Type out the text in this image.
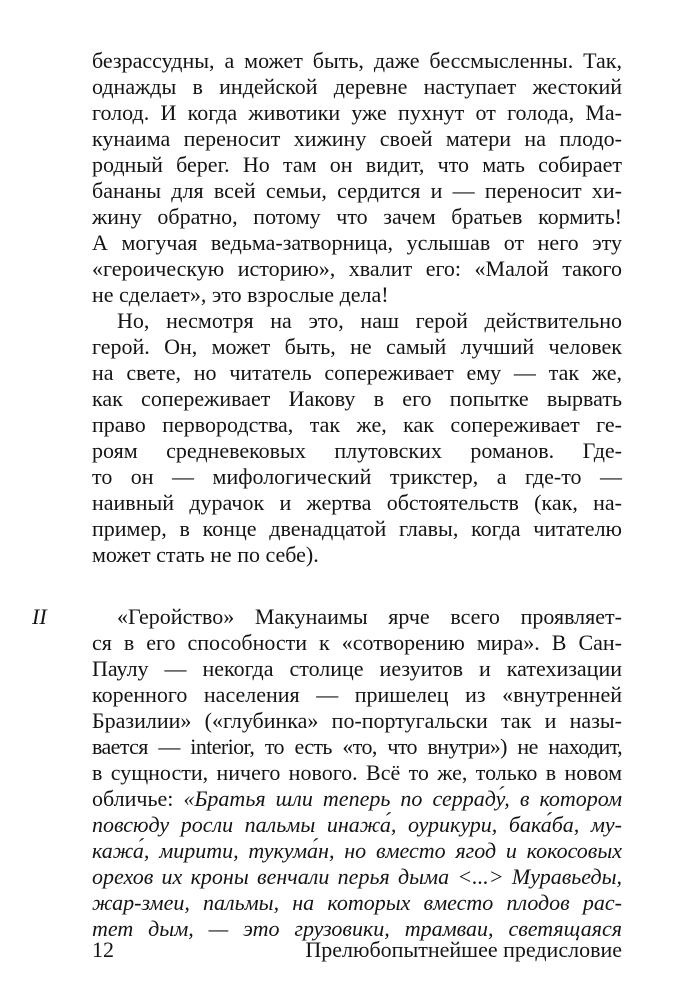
безрассудны, а может быть, даже бессмысленны. Так,
однажды в индейской деревне наступает жестокий
голод. И когда животики уже пухнут от голода, Ма-
кунаима переносит хижину своей матери на плодо-
родный берег. Но там он видит, что мать собирает
бананы для всей семьи, сердится и — переносит хи-
жину обратно, потому что зачем братьев кормить!
А могучая ведьма-затворница, услышав от него эту
«героическую историю», хвалит его: «Малой такого
не сделает», это взрослые дела!
Но, несмотря на это, наш герой действительно
герой. Он, может быть, не самый лучший человек
на свете, но читатель сопереживает ему — так же,
как сопереживает Иакову в его попытке вырвать
право первородства, так же, как сопереживает ге-
роям средневековых плутовских романов. Где-
то он — мифологический трикстер, а где-то —
наивный дурачок и жертва обстоятельств (как, на-
пример, в конце двенадцатой главы, когда читателю
может стать не по себе).
II	«Геройство» Макунаимы ярче всего проявляет-
ся в его способности к «сотворению мира». В Сан-
Паулу — некогда столице иезуитов и катехизации
коренного населения — пришелец из «внутренней
Бразилии» («глубинка» по-португальски так и назы-
вается — interior, то есть «то, что внутри») не находит,
в сущности, ничего нового. Всё то же, только в новом
обличье: «Братья шли теперь по серраду́, в котором
повсюду росли пальмы инажа́, оурикури, бака́ба, му-
кажа́, мирити, тукума́н, но вместо ягод и кокосовых
орехов их кроны венчали перья дыма <...> Муравьеды,
жар-змеи, пальмы, на которых вместо плодов рас-
тет дым, — это грузовики, трамваи, светящаяся
12	Прелюбопытнейшее предисловие
